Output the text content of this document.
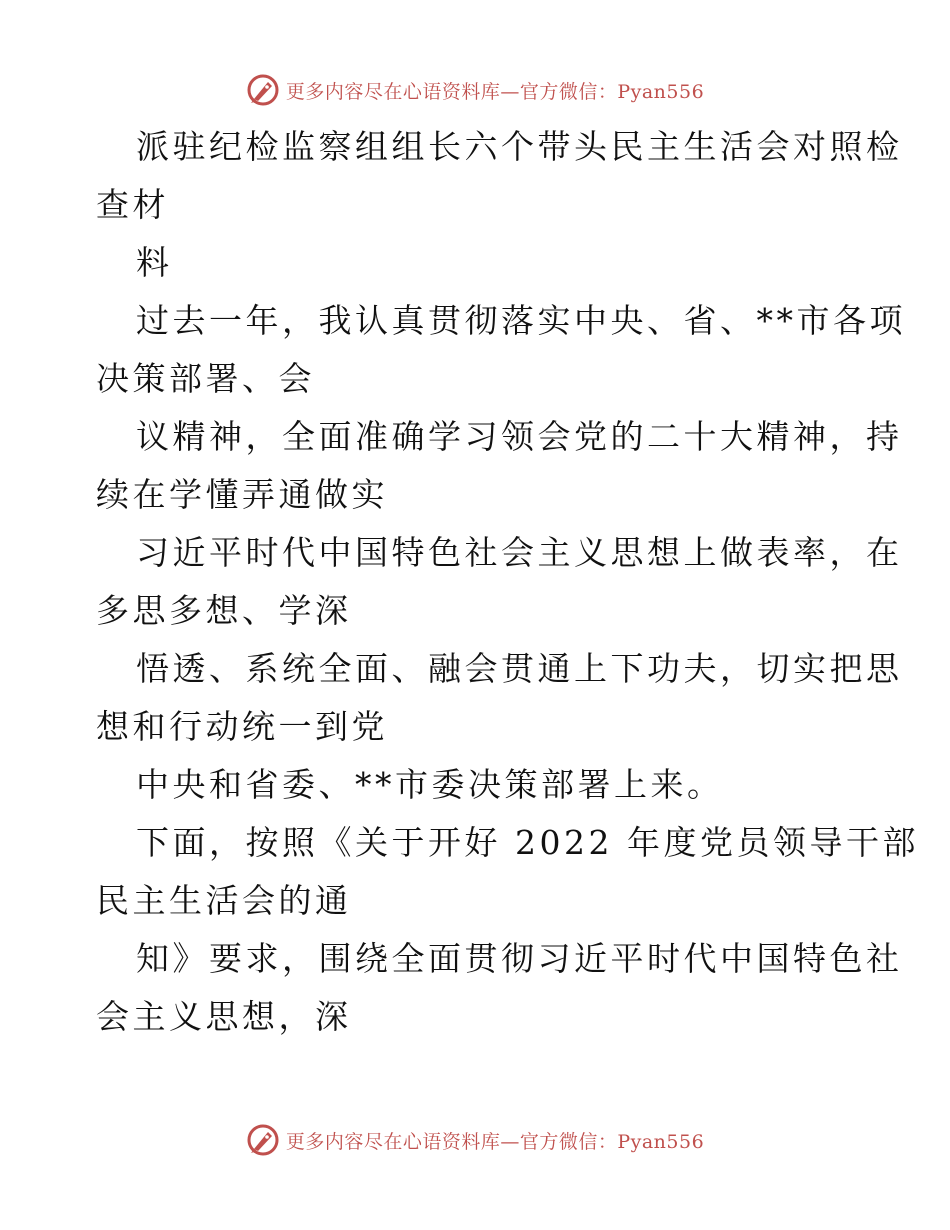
更多内容尽在心语资料库—官方微信：Pyan556
派驻纪检监察组组长六个带头民主生活会对照检
查材
料
过去一年，我认真贯彻落实中央、省、**市各项
决策部署、会
议精神，全面准确学习领会党的二十大精神，持
续在学懂弄通做实
习近平时代中国特色社会主义思想上做表率，在
多思多想、学深
悟透、系统全面、融会贯通上下功夫，切实把思
想和行动统一到党
中央和省委、**市委决策部署上来。
下面，按照《关于开好 2022 年度党员领导干部
民主生活会的通
知》要求，围绕全面贯彻习近平时代中国特色社
会主义思想，深
更多内容尽在心语资料库—官方微信：Pyan556
